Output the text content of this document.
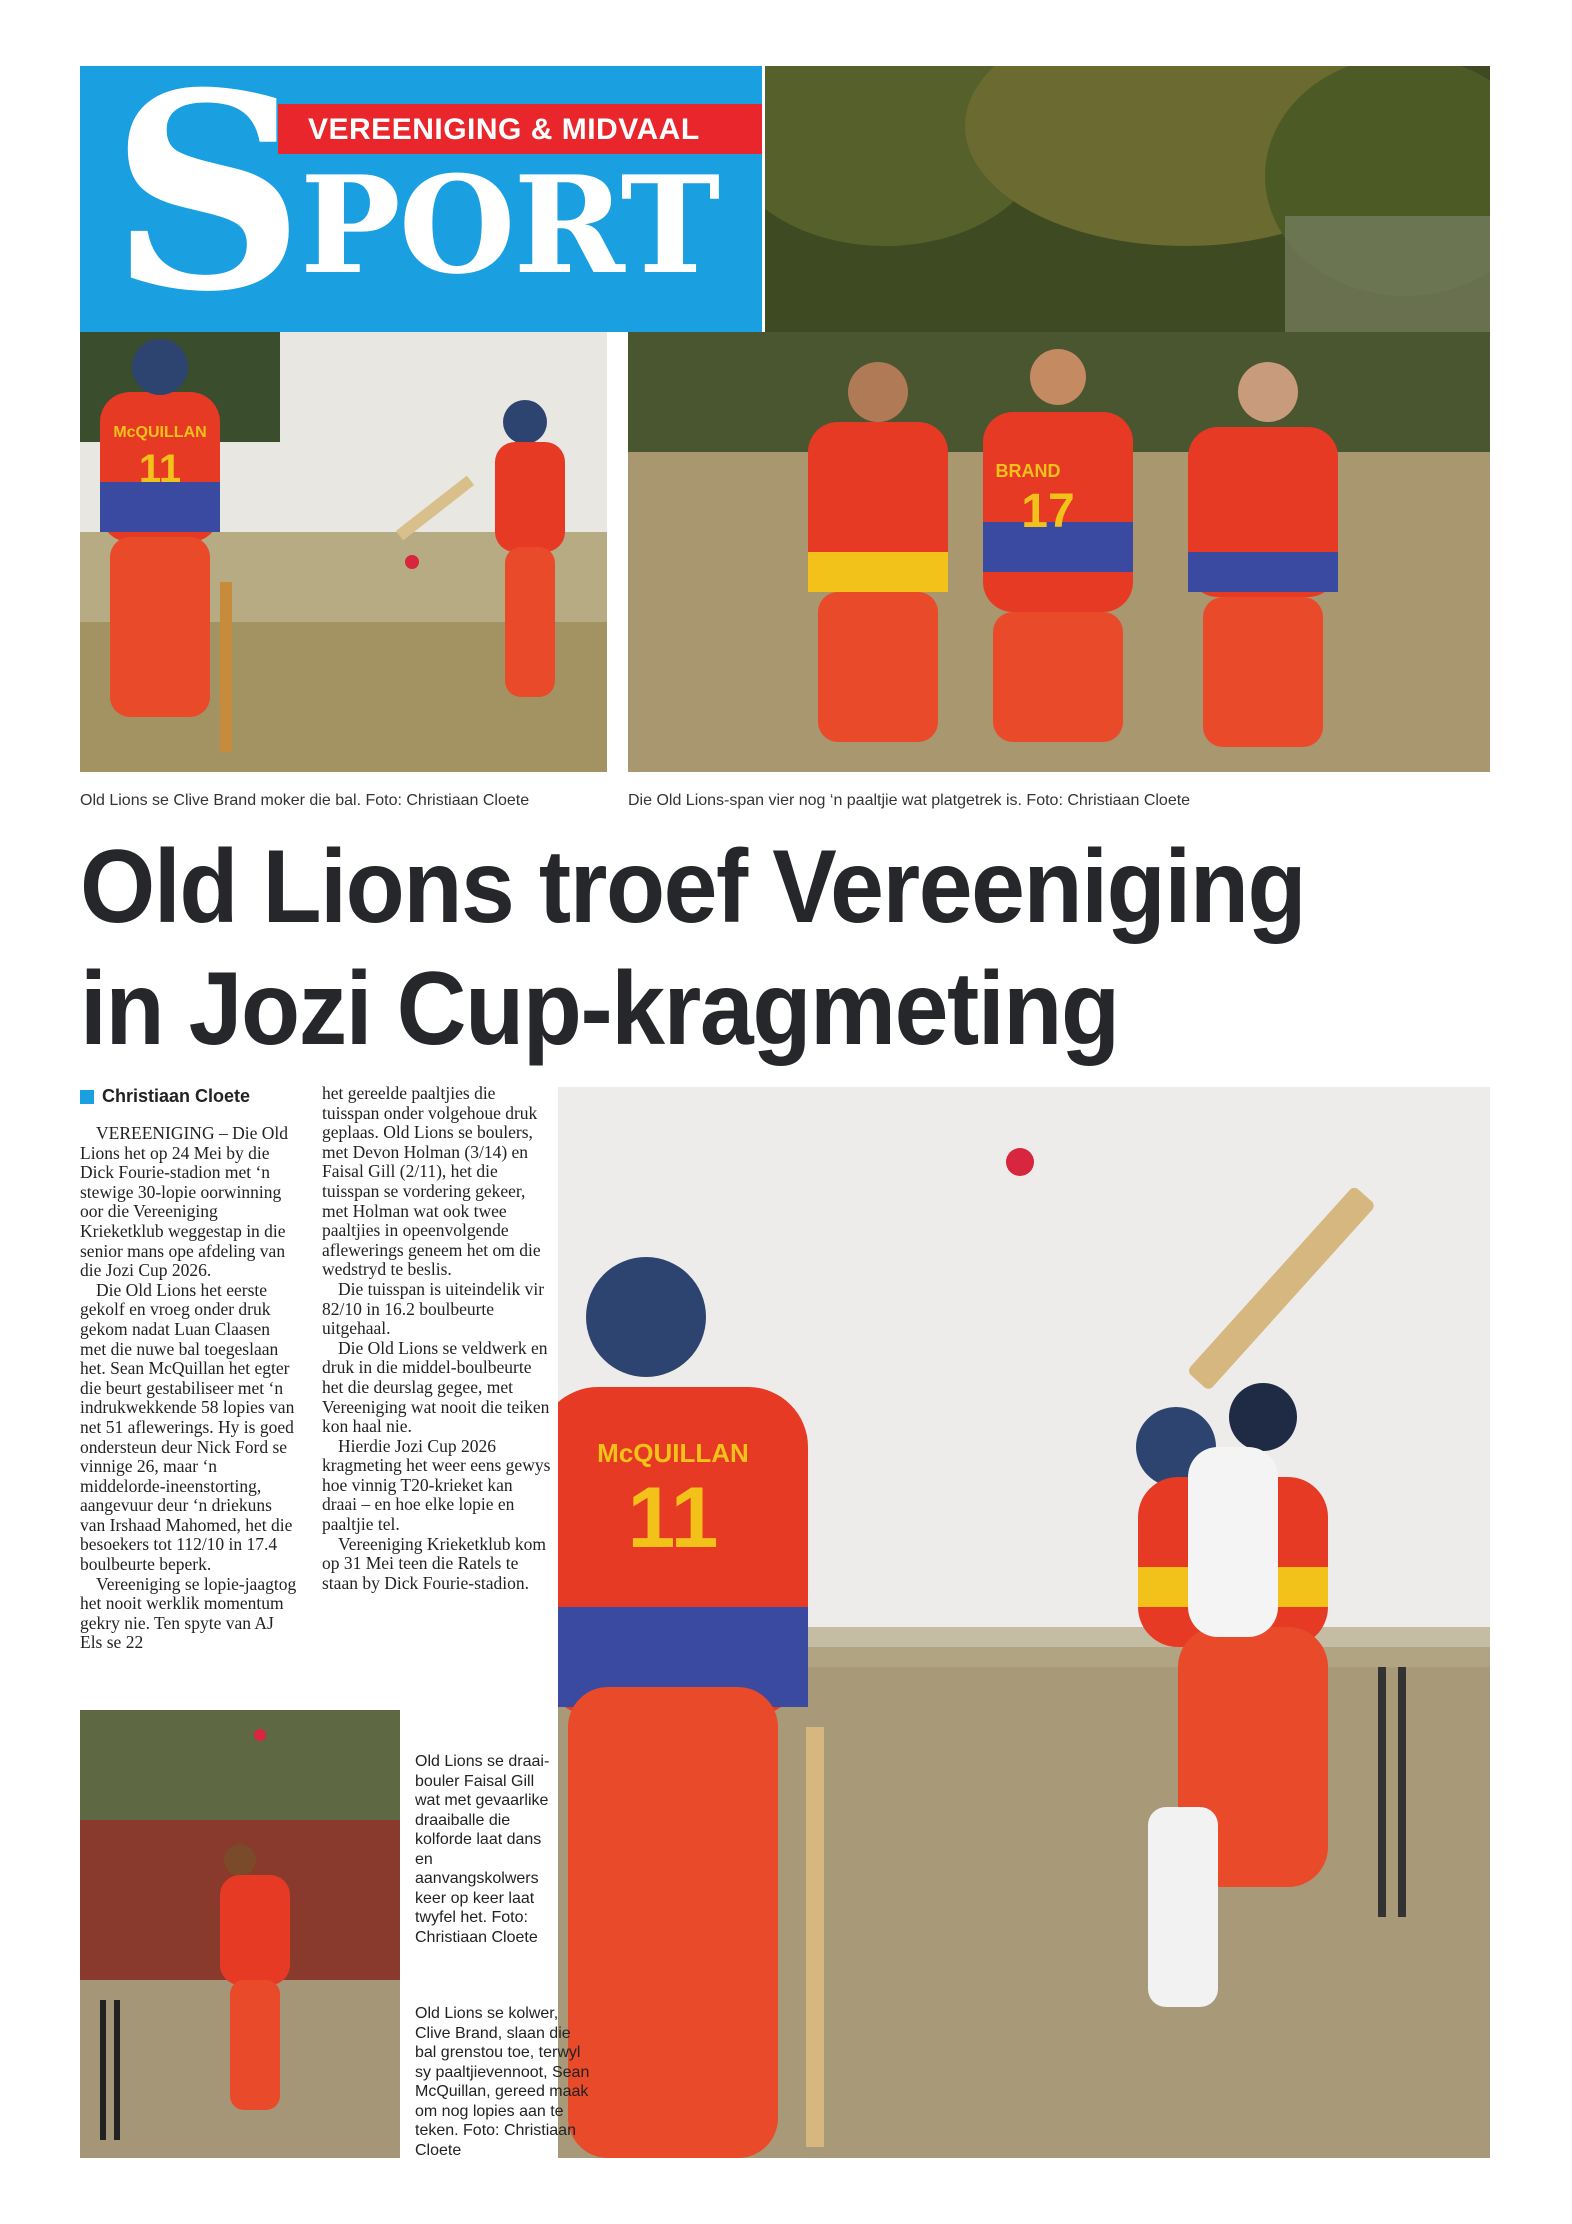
VEREENIGING & MIDVAAL
S
PORT
McQUILLAN
11	BRAND
17
Old Lions se Clive Brand moker die bal. Foto: Christiaan Cloete	Die Old Lions-span vier nog ‘n paaltjie wat platgetrek is. Foto: Christiaan Cloete
Old Lions troef Vereeniging
in Jozi Cup-kragmeting
Christiaan Cloete

VEREENIGING – Die Old Lions het op 24 Mei by die Dick Fourie-stadion met ‘n stewige 30-lopie oorwinning oor die Vereeniging Krieketklub weggestap in die senior mans ope afdeling van die Jozi Cup 2026.

Die Old Lions het eerste gekolf en vroeg onder druk gekom nadat Luan Claasen met die nuwe bal toegeslaan het. Sean McQuillan het egter die beurt gestabiliseer met ‘n indrukwekkende 58 lopies van net 51 aflewerings. Hy is goed ondersteun deur Nick Ford se vinnige 26, maar ‘n middelorde-ineenstorting, aangevuur deur ‘n driekuns van Irshaad Mahomed, het die besoekers tot 112/10 in 17.4 boulbeurte beperk.

Vereeniging se lopie-jaagtog het nooit werklik momentum gekry nie. Ten spyte van AJ Els se 22

het gereelde paaltjies die tuisspan onder volgehoue druk geplaas. Old Lions se boulers, met Devon Holman (3/14) en Faisal Gill (2/11), het die tuisspan se vordering gekeer, met Holman wat ook twee paaltjies in opeenvolgende aflewerings geneem het om die wedstryd te beslis.

Die tuisspan is uiteindelik vir 82/10 in 16.2 boulbeurte uitgehaal.

Die Old Lions se veldwerk en druk in die middel-boulbeurte het die deurslag gegee, met Vereeniging wat nooit die teiken kon haal nie.

Hierdie Jozi Cup 2026 kragmeting het weer eens gewys hoe vinnig T20-krieket kan draai – en hoe elke lopie en paaltjie tel.

Vereeniging Krieketklub kom op 31 Mei teen die Ratels te staan by Dick Fourie-stadion.

McQUILLAN
11
Old Lions se draai-bouler Faisal Gill wat met gevaarlike draaiballe die kolforde laat dans en aanvangskolwers keer op keer laat twyfel het. Foto: Christiaan Cloete
Old Lions se kolwer, Clive Brand, slaan die bal grenstou toe, terwyl sy paaltjievennoot, Sean McQuillan, gereed maak om nog lopies aan te teken. Foto: Christiaan Cloete
